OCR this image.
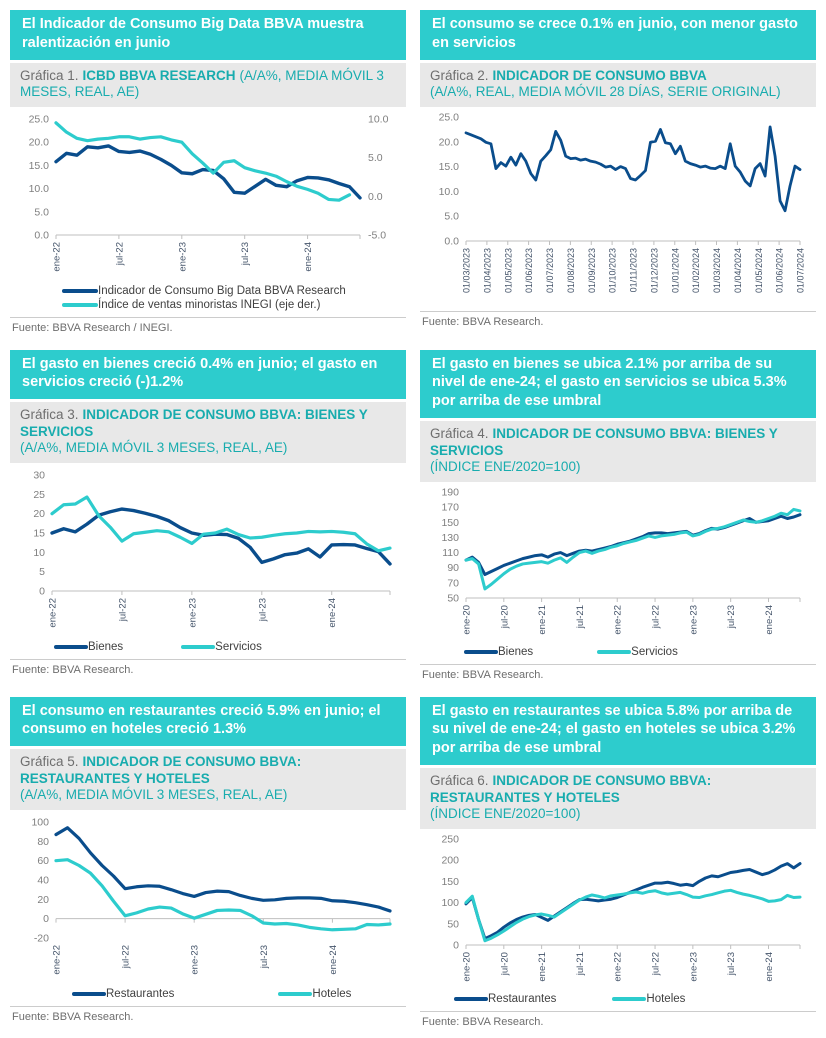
El Indicador de Consumo Big Data BBVA muestra ralentización en junio
Gráfica 1. ICBD BBVA RESEARCH (A/A%, MEDIA MÓVIL 3 MESES, REAL, AE)
0.0
5.0
10.0
15.0
20.0
25.0
-5.0
0.0
5.0
10.0
ene-22	jul-22	ene-23	jul-23	ene-24
Indicador de Consumo Big Data BBVA Research
Índice de ventas minoristas INEGI (eje der.)
Fuente: BBVA Research / INEGI.
El consumo se crece 0.1% en junio, con menor gasto en servicios
Gráfica 2. INDICADOR DE CONSUMO BBVA
(A/A%, REAL, MEDIA MÓVIL 28 DÍAS, SERIE ORIGINAL)
0.0
5.0
10.0
15.0
20.0
25.0
01/03/2023 01/04/2023 01/05/2023 01/06/2023 01/07/2023 01/08/2023 01/09/2023 01/10/2023 01/11/2023 01/12/2023 01/01/2024 01/02/2024 01/03/2024 01/04/2024 01/05/2024 01/06/2024 01/07/2024
Fuente: BBVA Research.
El gasto en bienes creció 0.4% en junio; el gasto en servicios creció (-)1.2%
Gráfica 3. INDICADOR DE CONSUMO BBVA: BIENES Y SERVICIOS
(A/A%, MEDIA MÓVIL 3 MESES, REAL, AE)
0
5
10
15
20
25
30
ene-22	jul-22	ene-23	jul-23	ene-24
Bienes	Servicios
Fuente: BBVA Research.
El gasto en bienes se ubica 2.1% por arriba de su nivel de ene-24; el gasto en servicios se ubica 5.3% por arriba de ese umbral
Gráfica 4. INDICADOR DE CONSUMO BBVA: BIENES Y SERVICIOS
(ÍNDICE ENE/2020=100)
50
70
90
110
130
150
170
190
ene-20	jul-20	ene-21	jul-21	ene-22	jul-22	ene-23	jul-23	ene-24
Bienes	Servicios
Fuente: BBVA Research.
El consumo en restaurantes creció 5.9% en junio; el consumo en hoteles creció 1.3%
Gráfica 5. INDICADOR DE CONSUMO BBVA: RESTAURANTES Y HOTELES
(A/A%, MEDIA MÓVIL 3 MESES, REAL, AE)
-20
0
20
40
60
80
100
ene-22	jul-22	ene-23	jul-23	ene-24
Restaurantes	Hoteles
Fuente: BBVA Research.
El gasto en restaurantes se ubica 5.8% por arriba de su nivel de ene-24; el gasto en hoteles se ubica 3.2% por arriba de ese umbral
Gráfica 6. INDICADOR DE CONSUMO BBVA: RESTAURANTES Y HOTELES
(ÍNDICE ENE/2020=100)
0
50
100
150
200
250
ene-20	jul-20	ene-21	jul-21	ene-22	jul-22	ene-23	jul-23	ene-24
Restaurantes	Hoteles
Fuente: BBVA Research.
